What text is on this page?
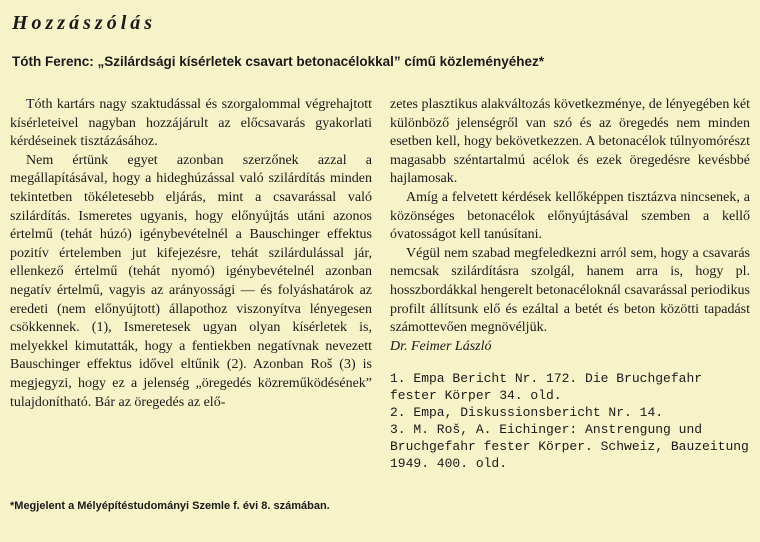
Hozzászólás
Tóth Ferenc: „Szilárdsági kísérletek csavart betonacélokkal” című közleményéhez*

Tóth kartárs nagy szaktudással és szorgalommal végrehajtott kísérleteivel nagyban hozzájárult az előcsavarás gyakorlati kérdéseinek tisztázásához.

Nem értünk egyet azonban szerzőnek azzal a megállapításával, hogy a hideghúzással való szilárdítás minden tekintetben tökéletesebb eljárás, mint a csavarással való szilárdítás. Ismeretes ugyanis, hogy előnyújtás utáni azonos értelmű (tehát húzó) igénybevételnél a Bauschinger effektus pozitív értelemben jut kifejezésre, tehát szilárdulással jár, ellenkező értelmű (tehát nyomó) igénybevételnél azonban negatív értelmű, vagyis az arányossági — és folyáshatárok az eredeti (nem előnyújtott) állapothoz viszonyítva lényegesen csökkennek. (1), Ismeretesek ugyan olyan kísérletek is, melyekkel kimutatták, hogy a fentiekben negatívnak nevezett Bauschinger effektus idővel eltűnik (2). Azonban Roš (3) is megjegyzi, hogy ez a jelenség „öregedés közreműködésének” tulajdonítható. Bár az öregedés az elő-

zetes plasztikus alakváltozás következménye, de lényegében két különböző jelenségről van szó és az öregedés nem minden esetben kell, hogy bekövetkezzen. A betonacélok túlnyomórészt magasabb széntartalmú acélok és ezek öregedésre kevésbbé hajlamosak.

Amíg a felvetett kérdések kellőképpen tisztázva nincsenek, a közönséges betonacélok előnyújtásával szemben a kellő óvatosságot kell tanúsítani.

Végül nem szabad megfeledkezni arról sem, hogy a csavarás nemcsak szilárdításra szolgál, hanem arra is, hogy pl. hosszbordákkal hengerelt betonacéloknál csavarással periodikus profilt állítsunk elő és ezáltal a betét és beton közötti tapadást számottevően megnövéljük.

Dr. Feimer László

1. Empa Bericht Nr. 172. Die Bruchgefahr fester Körper 34. old.

2. Empa, Diskussionsbericht Nr. 14.

3. M. Roš, A. Eichinger: Anstrengung und Bruchgefahr fester Körper. Schweiz, Bauzeitung 1949. 400. old.

*Megjelent a Mélyépítéstudományi Szemle f. évi 8. számában.
